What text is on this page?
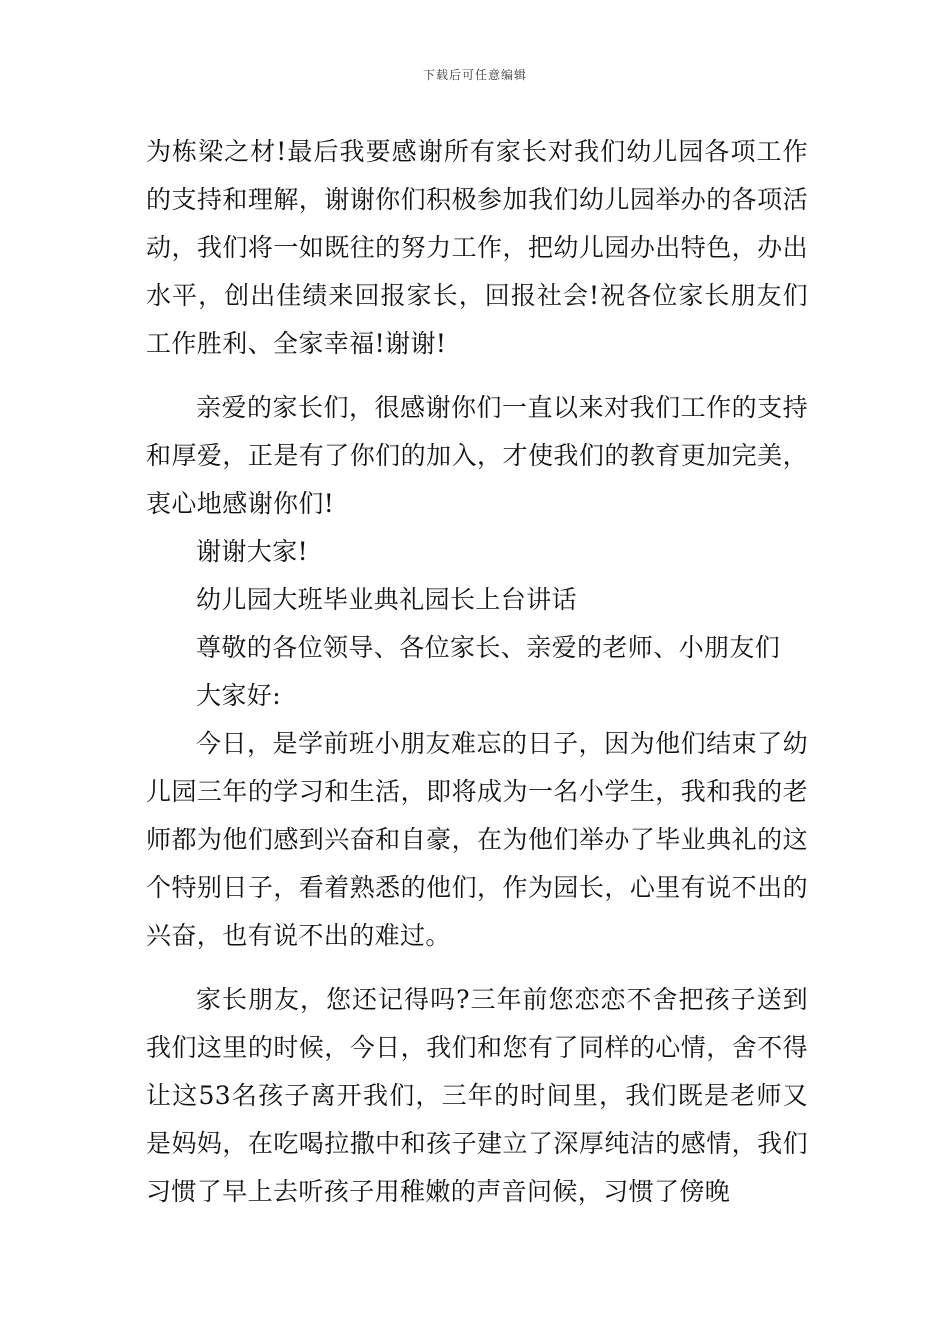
下载后可任意编辑

为栋梁之材!最后我要感谢所有家长对我们幼儿园各项工作的支持和理解，谢谢你们积极参加我们幼儿园举办的各项活动，我们将一如既往的努力工作，把幼儿园办出特色，办出水平，创出佳绩来回报家长，回报社会!祝各位家长朋友们工作胜利、全家幸福!谢谢!

亲爱的家长们，很感谢你们一直以来对我们工作的支持和厚爱，正是有了你们的加入，才使我们的教育更加完美，衷心地感谢你们!

谢谢大家!

幼儿园大班毕业典礼园长上台讲话

尊敬的各位领导、各位家长、亲爱的老师、小朋友们

大家好:

今日，是学前班小朋友难忘的日子，因为他们结束了幼儿园三年的学习和生活，即将成为一名小学生，我和我的老师都为他们感到兴奋和自豪，在为他们举办了毕业典礼的这个特别日子，看着熟悉的他们，作为园长，心里有说不出的兴奋，也有说不出的难过。

家长朋友，您还记得吗?三年前您恋恋不舍把孩子送到我们这里的时候，今日，我们和您有了同样的心情，舍不得让这53名孩子离开我们，三年的时间里，我们既是老师又是妈妈，在吃喝拉撒中和孩子建立了深厚纯洁的感情，我们习惯了早上去听孩子用稚嫩的声音问候，习惯了傍晚
